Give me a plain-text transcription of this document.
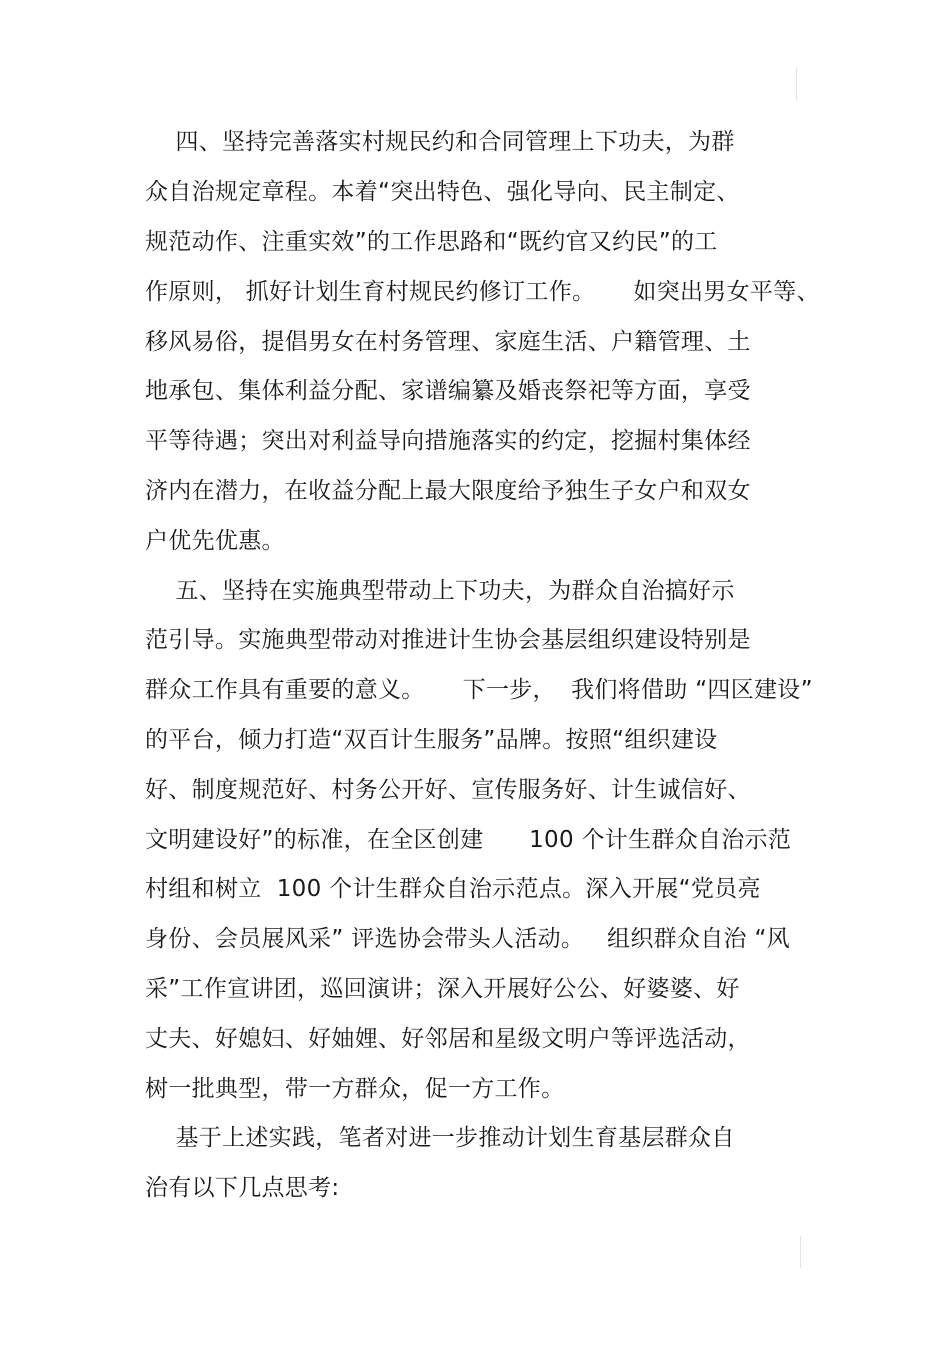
四、坚持完善落实村规民约和合同管理上下功夫，为群

众自治规定章程。本着“突出特色、强化导向、民主制定、

规范动作、注重实效”的工作思路和“既约官又约民”的工

作原则， 抓好计划生育村规民约修订工作。     如突出男女平等、

移风易俗，提倡男女在村务管理、家庭生活、户籍管理、土

地承包、集体利益分配、家谱编纂及婚丧祭祀等方面，享受

平等待遇；突出对利益导向措施落实的约定，挖掘村集体经

济内在潜力，在收益分配上最大限度给予独生子女户和双女

户优先优惠。

五、坚持在实施典型带动上下功夫，为群众自治搞好示

范引导。实施典型带动对推进计生协会基层组织建设特别是

群众工作具有重要的意义。     下一步，  我们将借助 “四区建设”

的平台，倾力打造“双百计生服务”品牌。按照“组织建设

好、制度规范好、村务公开好、宣传服务好、计生诚信好、

文明建设好”的标准，在全区创建      100 个计生群众自治示范

村组和树立  100 个计生群众自治示范点。深入开展“党员亮

身份、会员展风采” 评选协会带头人活动。   组织群众自治 “风

采”工作宣讲团，巡回演讲；深入开展好公公、好婆婆、好

丈夫、好媳妇、好妯娌、好邻居和星级文明户等评选活动，

树一批典型，带一方群众，促一方工作。

基于上述实践，笔者对进一步推动计划生育基层群众自

治有以下几点思考:
